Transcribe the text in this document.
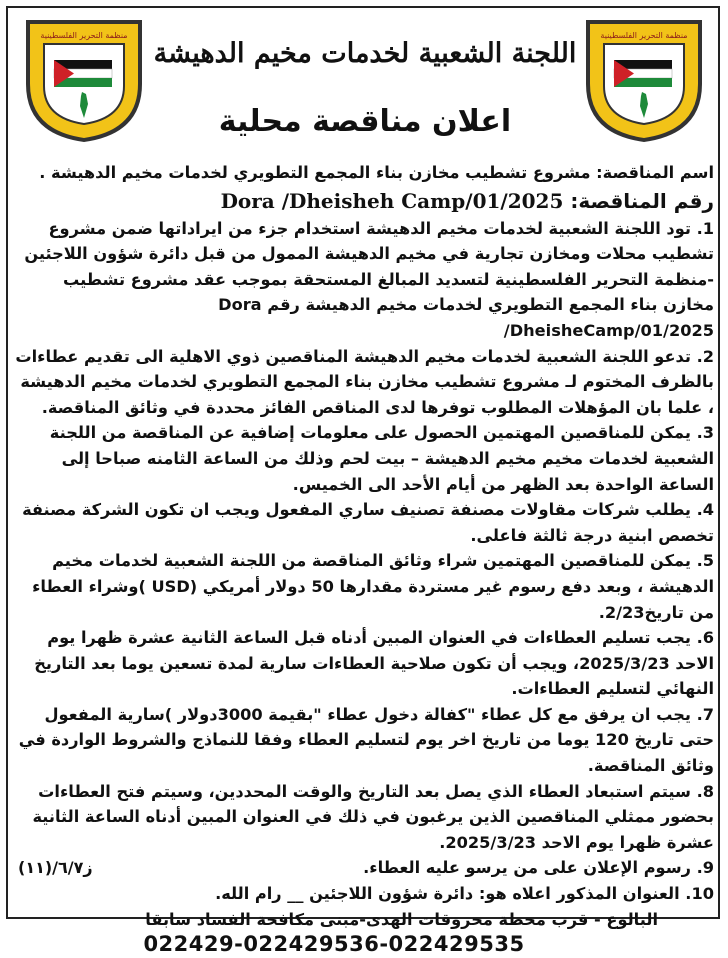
منظمة التحرير الفلسطينية
منظمة التحرير الفلسطينية
اللجنة الشعبية لخدمات مخيم الدهيشة
اعلان مناقصة محلية

اسم المناقصة: مشروع تشطيب مخازن بناء المجمع التطويري لخدمات مخيم الدهيشة .

رقم المناقصة: Dora /Dheisheh Camp/01/2025

1. تود اللجنة الشعبية لخدمات مخيم الدهيشة استخدام جزء من ايراداتها ضمن مشروع تشطيب محلات ومخازن تجارية في مخيم الدهيشة الممول من قبل دائرة شؤون اللاجئين -منظمة التحرير الفلسطينية لتسديد المبالغ المستحقة بموجب عقد مشروع تشطيب مخازن بناء المجمع التطويري لخدمات مخيم الدهيشة رقم Dora /DheisheCamp/01/2025

2. تدعو اللجنة الشعبية لخدمات مخيم الدهيشة المناقصين ذوي الاهلية الى تقديم عطاءات بالظرف المختوم لـ مشروع تشطيب مخازن بناء المجمع التطويري لخدمات مخيم الدهيشة ، علما بان المؤهلات المطلوب توفرها لدى المناقص الفائز محددة في وثائق المناقصة.

3. يمكن للمناقصين المهتمين الحصول على معلومات إضافية عن المناقصة من اللجنة الشعبية لخدمات مخيم مخيم الدهيشة – بيت لحم وذلك من الساعة الثامنه صباحا إلى الساعة الواحدة بعد الظهر من أيام الأحد الى الخميس.

4. يطلب شركات مقاولات مصنفة تصنيف ساري المفعول ويجب ان تكون الشركة مصنفة تخصص ابنية درجة ثالثة فاعلى.

5. يمكن للمناقصين المهتمين شراء وثائق المناقصة من اللجنة الشعبية لخدمات مخيم الدهيشة ، وبعد دفع رسوم غير مستردة مقدارها 50 دولار أمريكي (USD )وشراء العطاء من تاريخ2/23.

6. يجب تسليم العطاءات في العنوان المبين أدناه قبل الساعة الثانية عشرة ظهرا يوم الاحد 2025/3/23، ويجب أن تكون صلاحية العطاءات سارية لمدة تسعين يوما بعد التاريخ النهائي لتسليم العطاءات.

7. يجب ان يرفق مع كل عطاء "كفالة دخول عطاء "بقيمة 3000دولار )سارية المفعول حتى تاريخ 120 يوما من تاريخ اخر يوم لتسليم العطاء وفقا للنماذج والشروط الواردة في وثائق المناقصة.

8. سيتم استبعاد العطاء الذي يصل بعد التاريخ والوقت المحددين، وسيتم فتح العطاءات بحضور ممثلي المناقصين الذين يرغبون في ذلك في العنوان المبين أدناه الساعة الثانية عشرة ظهرا يوم الاحد 2025/3/23.

9. رسوم الإعلان على من يرسو عليه العطاء.

ز٦/٧/(١١)

10. العنوان المذكور اعلاه هو: دائرة شؤون اللاجئين __ رام الله.

البالوع - قرب محطة محروقات الهدى-مبنى مكافحة الفساد سابقا

022429-022429536-022429535
